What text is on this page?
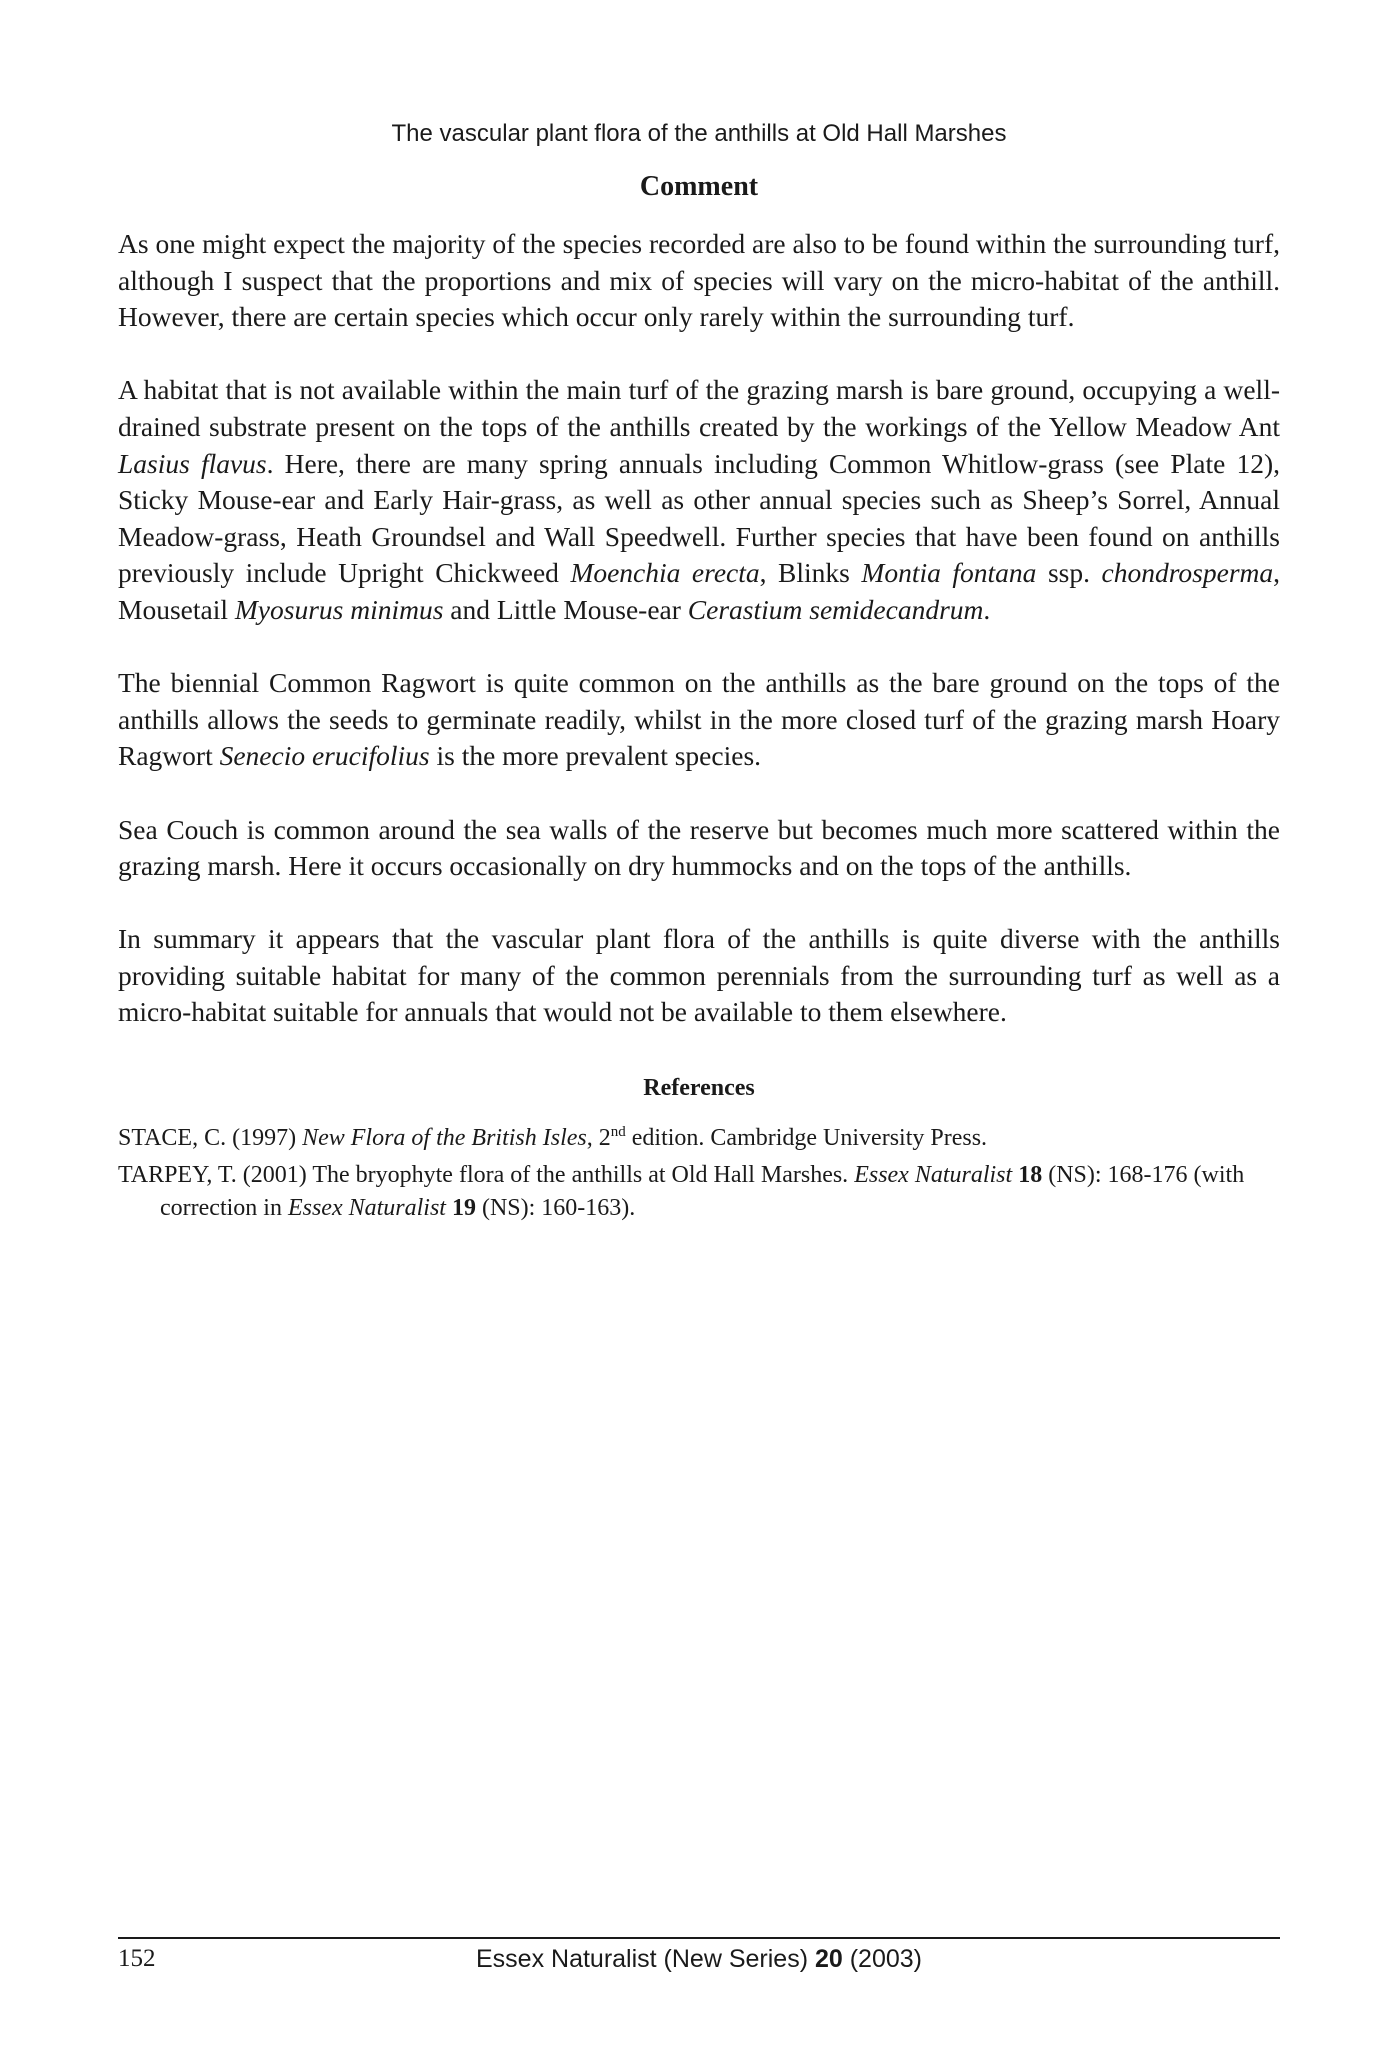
The vascular plant flora of the anthills at Old Hall Marshes
Comment

As one might expect the majority of the species recorded are also to be found within the surrounding turf, although I suspect that the proportions and mix of species will vary on the micro-habitat of the anthill. However, there are certain species which occur only rarely within the surrounding turf.

A habitat that is not available within the main turf of the grazing marsh is bare ground, occupying a well-drained substrate present on the tops of the anthills created by the workings of the Yellow Meadow Ant Lasius flavus. Here, there are many spring annuals including Common Whitlow-grass (see Plate 12), Sticky Mouse-ear and Early Hair-grass, as well as other annual species such as Sheep’s Sorrel, Annual Meadow-grass, Heath Groundsel and Wall Speedwell. Further species that have been found on anthills previously include Upright Chickweed Moenchia erecta, Blinks Montia fontana ssp. chondrosperma, Mousetail Myosurus minimus and Little Mouse-ear Cerastium semidecandrum.

The biennial Common Ragwort is quite common on the anthills as the bare ground on the tops of the anthills allows the seeds to germinate readily, whilst in the more closed turf of the grazing marsh Hoary Ragwort Senecio erucifolius is the more prevalent species.

Sea Couch is common around the sea walls of the reserve but becomes much more scattered within the grazing marsh. Here it occurs occasionally on dry hummocks and on the tops of the anthills.

In summary it appears that the vascular plant flora of the anthills is quite diverse with the anthills providing suitable habitat for many of the common perennials from the surrounding turf as well as a micro-habitat suitable for annuals that would not be available to them elsewhere.

References
STACE, C. (1997) New Flora of the British Isles, 2nd edition. Cambridge University Press.
TARPEY, T. (2001) The bryophyte flora of the anthills at Old Hall Marshes. Essex Naturalist 18 (NS): 168-176 (with correction in Essex Naturalist 19 (NS): 160-163).
152	Essex Naturalist (New Series) 20 (2003)
